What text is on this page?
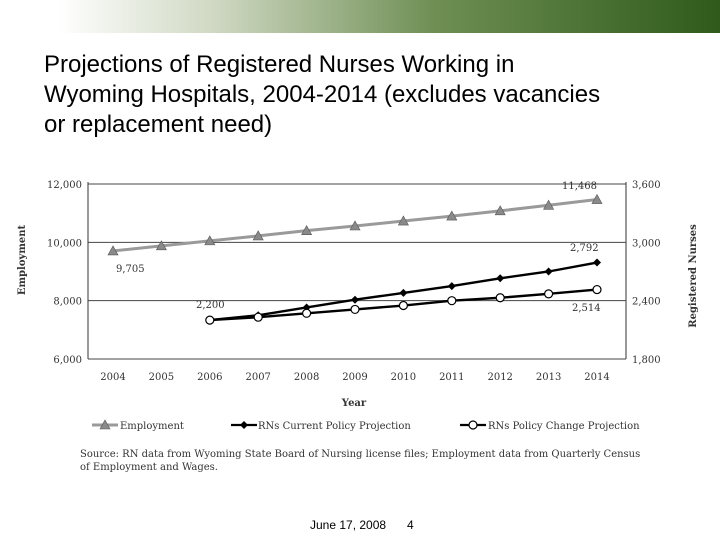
Projections of Registered Nurses Working in
Wyoming Hospitals, 2004-2014 (excludes vacancies
or replacement need)
Employment	Registered Nurses
Year
2004 2005 2006 2007 2008 2009 2010 2011 2012 2013 2014
6,000
8,000
10,000
12,000
1,800
2,400
3,000
3,600
11,468
9,705
2,792
2,200	2,514
Employment	RNs Current Policy Projection	RNs Policy Change Projection
Source: RN data from Wyoming State Board of Nursing license files; Employment data from Quarterly Census
of Employment and Wages.
June 17, 2008 4
